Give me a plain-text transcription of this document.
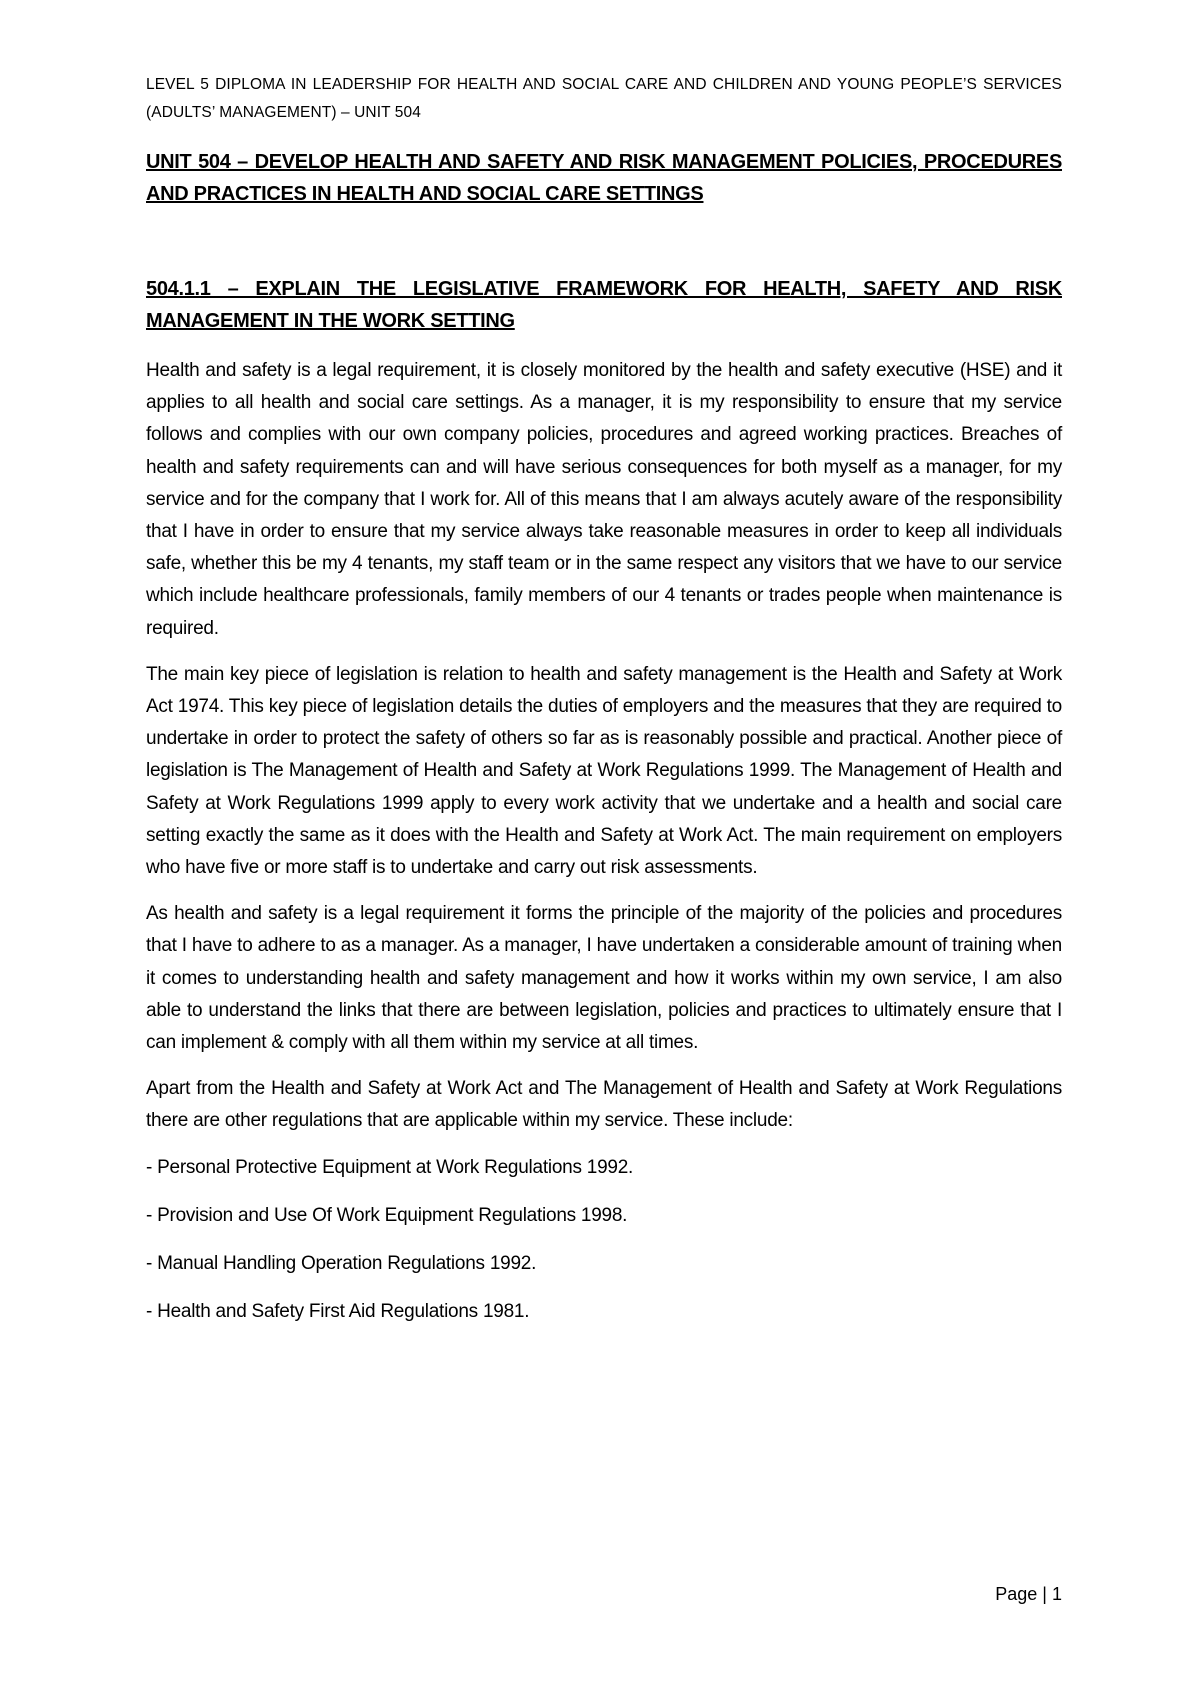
LEVEL 5 DIPLOMA IN LEADERSHIP FOR HEALTH AND SOCIAL CARE AND CHILDREN AND YOUNG PEOPLE’S SERVICES (ADULTS’ MANAGEMENT) – UNIT 504
UNIT 504 – DEVELOP HEALTH AND SAFETY AND RISK MANAGEMENT POLICIES, PROCEDURES AND PRACTICES IN HEALTH AND SOCIAL CARE SETTINGS
504.1.1 – EXPLAIN THE LEGISLATIVE FRAMEWORK FOR HEALTH, SAFETY AND RISK MANAGEMENT IN THE WORK SETTING

Health and safety is a legal requirement, it is closely monitored by the health and safety executive (HSE) and it applies to all health and social care settings. As a manager, it is my responsibility to ensure that my service follows and complies with our own company policies, procedures and agreed working practices. Breaches of health and safety requirements can and will have serious consequences for both myself as a manager, for my service and for the company that I work for. All of this means that I am always acutely aware of the responsibility that I have in order to ensure that my service always take reasonable measures in order to keep all individuals safe, whether this be my 4 tenants, my staff team or in the same respect any visitors that we have to our service which include healthcare professionals, family members of our 4 tenants or trades people when maintenance is required.

The main key piece of legislation is relation to health and safety management is the Health and Safety at Work Act 1974. This key piece of legislation details the duties of employers and the measures that they are required to undertake in order to protect the safety of others so far as is reasonably possible and practical. Another piece of legislation is The Management of Health and Safety at Work Regulations 1999. The Management of Health and Safety at Work Regulations 1999 apply to every work activity that we undertake and a health and social care setting exactly the same as it does with the Health and Safety at Work Act. The main requirement on employers who have five or more staff is to undertake and carry out risk assessments.

As health and safety is a legal requirement it forms the principle of the majority of the policies and procedures that I have to adhere to as a manager. As a manager, I have undertaken a considerable amount of training when it comes to understanding health and safety management and how it works within my own service, I am also able to understand the links that there are between legislation, policies and practices to ultimately ensure that I can implement & comply with all them within my service at all times.

Apart from the Health and Safety at Work Act and The Management of Health and Safety at Work Regulations there are other regulations that are applicable within my service. These include:

- Personal Protective Equipment at Work Regulations 1992.

- Provision and Use Of Work Equipment Regulations 1998.

- Manual Handling Operation Regulations 1992.

- Health and Safety First Aid Regulations 1981.

Page | 1
